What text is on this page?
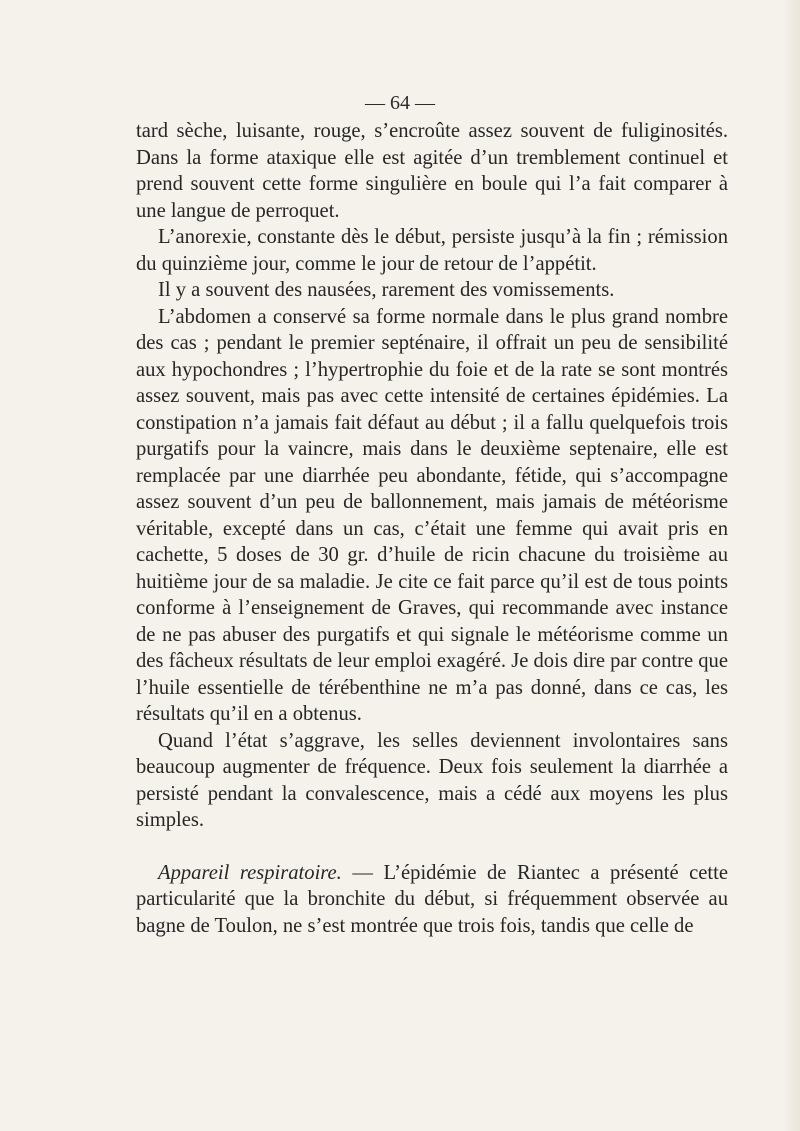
— 64 —

tard sèche, luisante, rouge, s’encroûte assez souvent de fuliginosités. Dans la forme ataxique elle est agitée d’un tremblement continuel et prend souvent cette forme singulière en boule qui l’a fait comparer à une langue de perroquet.

L’anorexie, constante dès le début, persiste jusqu’à la fin ; rémission du quinzième jour, comme le jour de retour de l’appétit.

Il y a souvent des nausées, rarement des vomissements.

L’abdomen a conservé sa forme normale dans le plus grand nombre des cas ; pendant le premier septénaire, il offrait un peu de sensibilité aux hypochondres ; l’hypertrophie du foie et de la rate se sont montrés assez souvent, mais pas avec cette intensité de certaines épidémies. La constipation n’a jamais fait défaut au début ; il a fallu quelquefois trois purgatifs pour la vaincre, mais dans le deuxième septenaire, elle est remplacée par une diarrhée peu abondante, fétide, qui s’accompagne assez souvent d’un peu de ballonnement, mais jamais de météorisme véritable, excepté dans un cas, c’était une femme qui avait pris en cachette, 5 doses de 30 gr. d’huile de ricin chacune du troisième au huitième jour de sa maladie. Je cite ce fait parce qu’il est de tous points conforme à l’enseignement de Graves, qui recommande avec instance de ne pas abuser des purgatifs et qui signale le météorisme comme un des fâcheux résultats de leur emploi exagéré. Je dois dire par contre que l’huile essentielle de térébenthine ne m’a pas donné, dans ce cas, les résultats qu’il en a obtenus.

Quand l’état s’aggrave, les selles deviennent involontaires sans beaucoup augmenter de fréquence. Deux fois seulement la diarrhée a persisté pendant la convalescence, mais a cédé aux moyens les plus simples.

Appareil respiratoire. — L’épidémie de Riantec a présenté cette particularité que la bronchite du début, si fréquemment observée au bagne de Toulon, ne s’est montrée que trois fois, tandis que celle de
